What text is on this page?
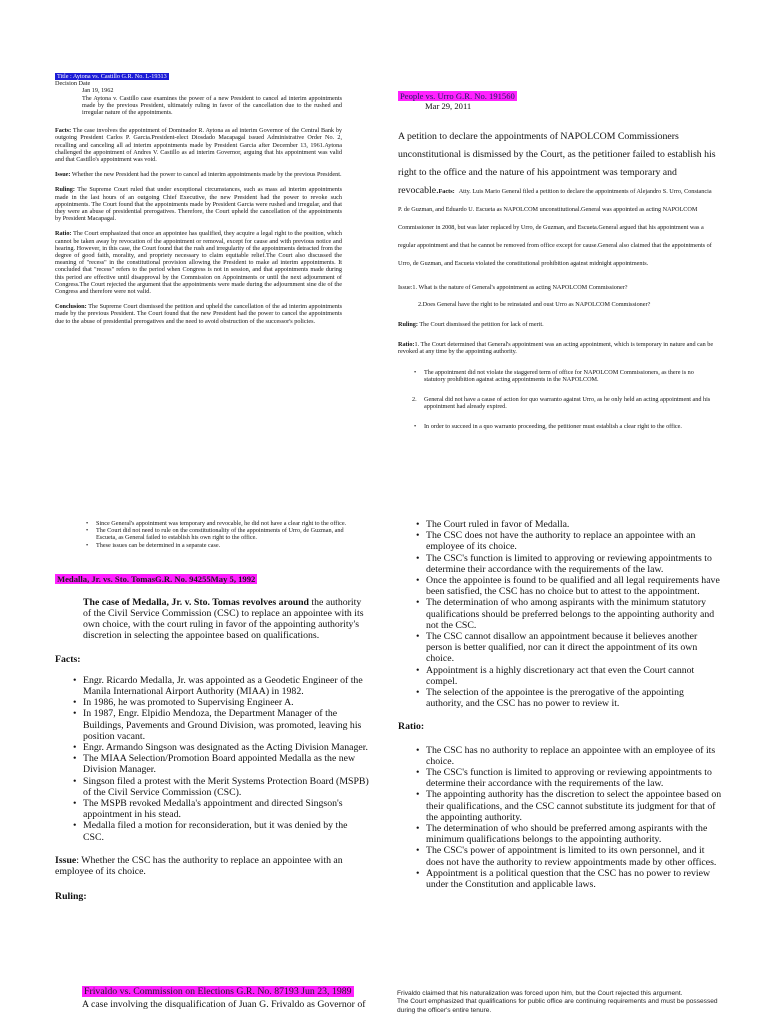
Title : Aytona vs. Castillo G.R. No. L-19313
Decision Date
Jan 19, 1962

The Aytona v. Castillo case examines the power of a new President to cancel ad interim appointments made by the previous President, ultimately ruling in favor of the cancellation due to the rushed and irregular nature of the appointments.

Facts: The case involves the appointment of Dominador R. Aytona as ad interim Governor of the Central Bank by outgoing President Carlos P. Garcia.President-elect Diosdado Macapagal issued Administrative Order No. 2, recalling and canceling all ad interim appointments made by President Garcia after December 13, 1961.Aytona challenged the appointment of Andres V. Castillo as ad interim Governor, arguing that his appointment was valid and that Castillo's appointment was void.

Issue: Whether the new President had the power to cancel ad interim appointments made by the previous President.

Ruling: The Supreme Court ruled that under exceptional circumstances, such as mass ad interim appointments made in the last hours of an outgoing Chief Executive, the new President had the power to revoke such appointments. The Court found that the appointments made by President Garcia were rushed and irregular, and that they were an abuse of presidential prerogatives. Therefore, the Court upheld the cancellation of the appointments by President Macapagal.

Ratio: The Court emphasized that once an appointee has qualified, they acquire a legal right to the position, which cannot be taken away by revocation of the appointment or removal, except for cause and with previous notice and hearing. However, in this case, the Court found that the rush and irregularity of the appointments detracted from the degree of good faith, morality, and propriety necessary to claim equitable relief.The Court also discussed the meaning of "recess" in the constitutional provision allowing the President to make ad interim appointments. It concluded that "recess" refers to the period when Congress is not in session, and that appointments made during this period are effective until disapproval by the Commission on Appointments or until the next adjournment of Congress.The Court rejected the argument that the appointments were made during the adjournment sine die of the Congress and therefore were not valid.

Conclusion: The Supreme Court dismissed the petition and upheld the cancellation of the ad interim appointments made by the previous President. The Court found that the new President had the power to cancel the appointments due to the abuse of presidential prerogatives and the need to avoid obstruction of the successor's policies.

People vs. Urro G.R. No. 191560
Mar 29, 2011
A petition to declare the appointments of NAPOLCOM Commissioners unconstitutional is dismissed by the Court, as the petitioner failed to establish his right to the office and the nature of his appointment was temporary and revocable.Facts: Atty. Luis Mario General filed a petition to declare the appointments of Alejandro S. Urro, Constancia P. de Guzman, and Eduardo U. Escueta as NAPOLCOM unconstitutional.General was appointed as acting NAPOLCOM Commissioner in 2008, but was later replaced by Urro, de Guzman, and Escueta.General argued that his appointment was a regular appointment and that he cannot be removed from office except for cause.General also claimed that the appointments of Urro, de Guzman, and Escueta violated the constitutional prohibition against midnight appointments.
Issue:1. What is the nature of General's appointment as acting NAPOLCOM Commissioner?
2.Does General have the right to be reinstated and oust Urro as NAPOLCOM Commissioner?

Ruling: The Court dismissed the petition for lack of merit.

Ratio:1. The Court determined that General's appointment was an acting appointment, which is temporary in nature and can be revoked at any time by the appointing authority.

• The appointment did not violate the staggered term of office for NAPOLCOM Commissioners, as there is no statutory prohibition against acting appointments in the NAPOLCOM.
2. General did not have a cause of action for quo warranto against Urro, as he only held an acting appointment and his appointment had already expired.
• In order to succeed in a quo warranto proceeding, the petitioner must establish a clear right to the office.
• Since General's appointment was temporary and revocable, he did not have a clear right to the office.
• The Court did not need to rule on the constitutionality of the appointments of Urro, de Guzman, and Escueta, as General failed to establish his own right to the office.
• These issues can be determined in a separate case.
Medalla, Jr. vs. Sto. TomasG.R. No. 94255May 5, 1992

The case of Medalla, Jr. v. Sto. Tomas revolves around the authority of the Civil Service Commission (CSC) to replace an appointee with its own choice, with the court ruling in favor of the appointing authority's discretion in selecting the appointee based on qualifications.

Facts:
• Engr. Ricardo Medalla, Jr. was appointed as a Geodetic Engineer of the Manila International Airport Authority (MIAA) in 1982.
• In 1986, he was promoted to Supervising Engineer A.
• In 1987, Engr. Elpidio Mendoza, the Department Manager of the Buildings, Pavements and Ground Division, was promoted, leaving his position vacant.
• Engr. Armando Singson was designated as the Acting Division Manager.
• The MIAA Selection/Promotion Board appointed Medalla as the new Division Manager.
• Singson filed a protest with the Merit Systems Protection Board (MSPB) of the Civil Service Commission (CSC).
• The MSPB revoked Medalla's appointment and directed Singson's appointment in his stead.
• Medalla filed a motion for reconsideration, but it was denied by the CSC.

Issue: Whether the CSC has the authority to replace an appointee with an employee of its choice.

Ruling:
• The Court ruled in favor of Medalla.
• The CSC does not have the authority to replace an appointee with an employee of its choice.
• The CSC's function is limited to approving or reviewing appointments to determine their accordance with the requirements of the law.
• Once the appointee is found to be qualified and all legal requirements have been satisfied, the CSC has no choice but to attest to the appointment.
• The determination of who among aspirants with the minimum statutory qualifications should be preferred belongs to the appointing authority and not the CSC.
• The CSC cannot disallow an appointment because it believes another person is better qualified, nor can it direct the appointment of its own choice.
• Appointment is a highly discretionary act that even the Court cannot compel.
• The selection of the appointee is the prerogative of the appointing authority, and the CSC has no power to review it.
Ratio:
• The CSC has no authority to replace an appointee with an employee of its choice.
• The CSC's function is limited to approving or reviewing appointments to determine their accordance with the requirements of the law.
• The appointing authority has the discretion to select the appointee based on their qualifications, and the CSC cannot substitute its judgment for that of the appointing authority.
• The determination of who should be preferred among aspirants with the minimum qualifications belongs to the appointing authority.
• The CSC's power of appointment is limited to its own personnel, and it does not have the authority to review appointments made by other offices.
• Appointment is a political question that the CSC has no power to review under the Constitution and applicable laws.
Frivaldo vs. Commission on Elections G.R. No. 87193 Jun 23, 1989

A case involving the disqualification of Juan G. Frivaldo as Governor of

Frivaldo claimed that his naturalization was forced upon him, but the Court rejected this argument.

The Court emphasized that qualifications for public office are continuing requirements and must be possessed during the officer's entire tenure.
